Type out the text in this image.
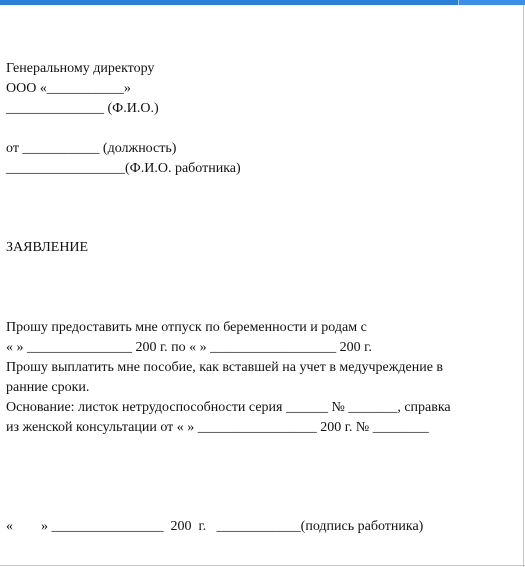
Генеральному директору
ООО «___________»
______________ (Ф.И.О.)
от ___________ (должность)
_________________(Ф.И.О. работника)
ЗАЯВЛЕНИЕ
Прошу предоставить мне отпуск по беременности и родам с
« » _______________ 200 г. по « » __________________ 200 г.
Прошу выплатить мне пособие, как вставшей на учет в медучреждение в
ранние сроки.
Основание: листок нетрудоспособности серия ______ № _______, справка
из женской консультации от « » _________________ 200 г. № ________
«        » ________________  200  г.   ____________(подпись работника)
